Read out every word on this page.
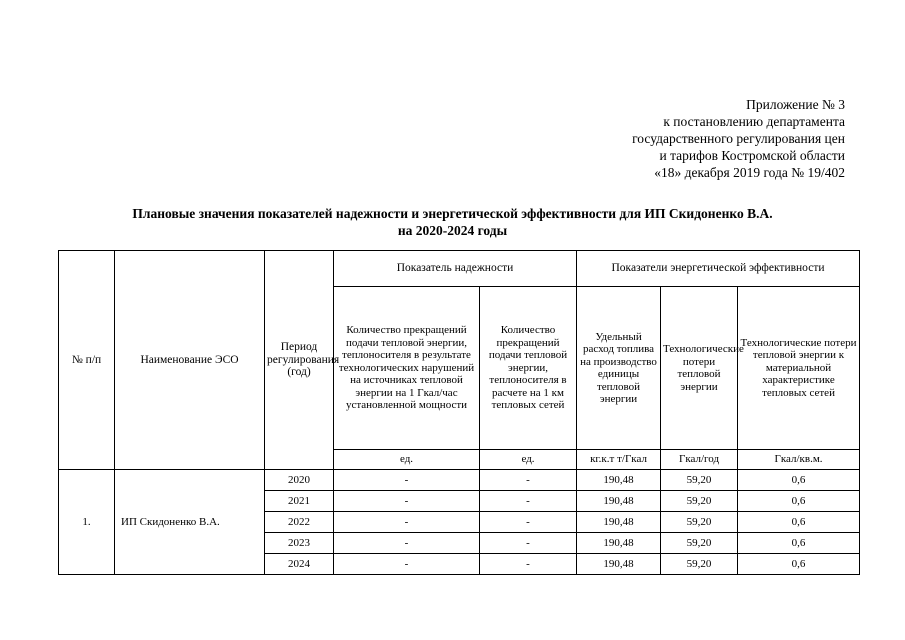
Приложение № 3
к постановлению департамента
государственного регулирования цен
и тарифов Костромской области
«18» декабря 2019 года № 19/402
Плановые значения показателей надежности и энергетической эффективности для ИП Скидоненко В.А.
на 2020-2024 годы
№ п/п	Наименование ЭСО	Период регулирования (год)	Показатель надежности		Показатели энергетической эффективности		
			Количество прекращений подачи тепловой энергии, теплоносителя в результате технологических нарушений на источниках тепловой энергии на 1 Гкал/час установленной мощности	Количество прекращений подачи тепловой энергии, теплоносителя в расчете на 1 км тепловых сетей	Удельный расход топлива на производство единицы тепловой энергии	Технологические потери тепловой энергии	Технологические потери тепловой энергии к материальной характеристике тепловых сетей
			ед.	ед.	кг.к.т т/Гкал	Гкал/год	Гкал/кв.м.
1.	ИП Скидоненко В.А.	2020	-	-	190,48	59,20	0,6
		2021	-	-	190,48	59,20	0,6
		2022	-	-	190,48	59,20	0,6
		2023	-	-	190,48	59,20	0,6
		2024	-	-	190,48	59,20	0,6
